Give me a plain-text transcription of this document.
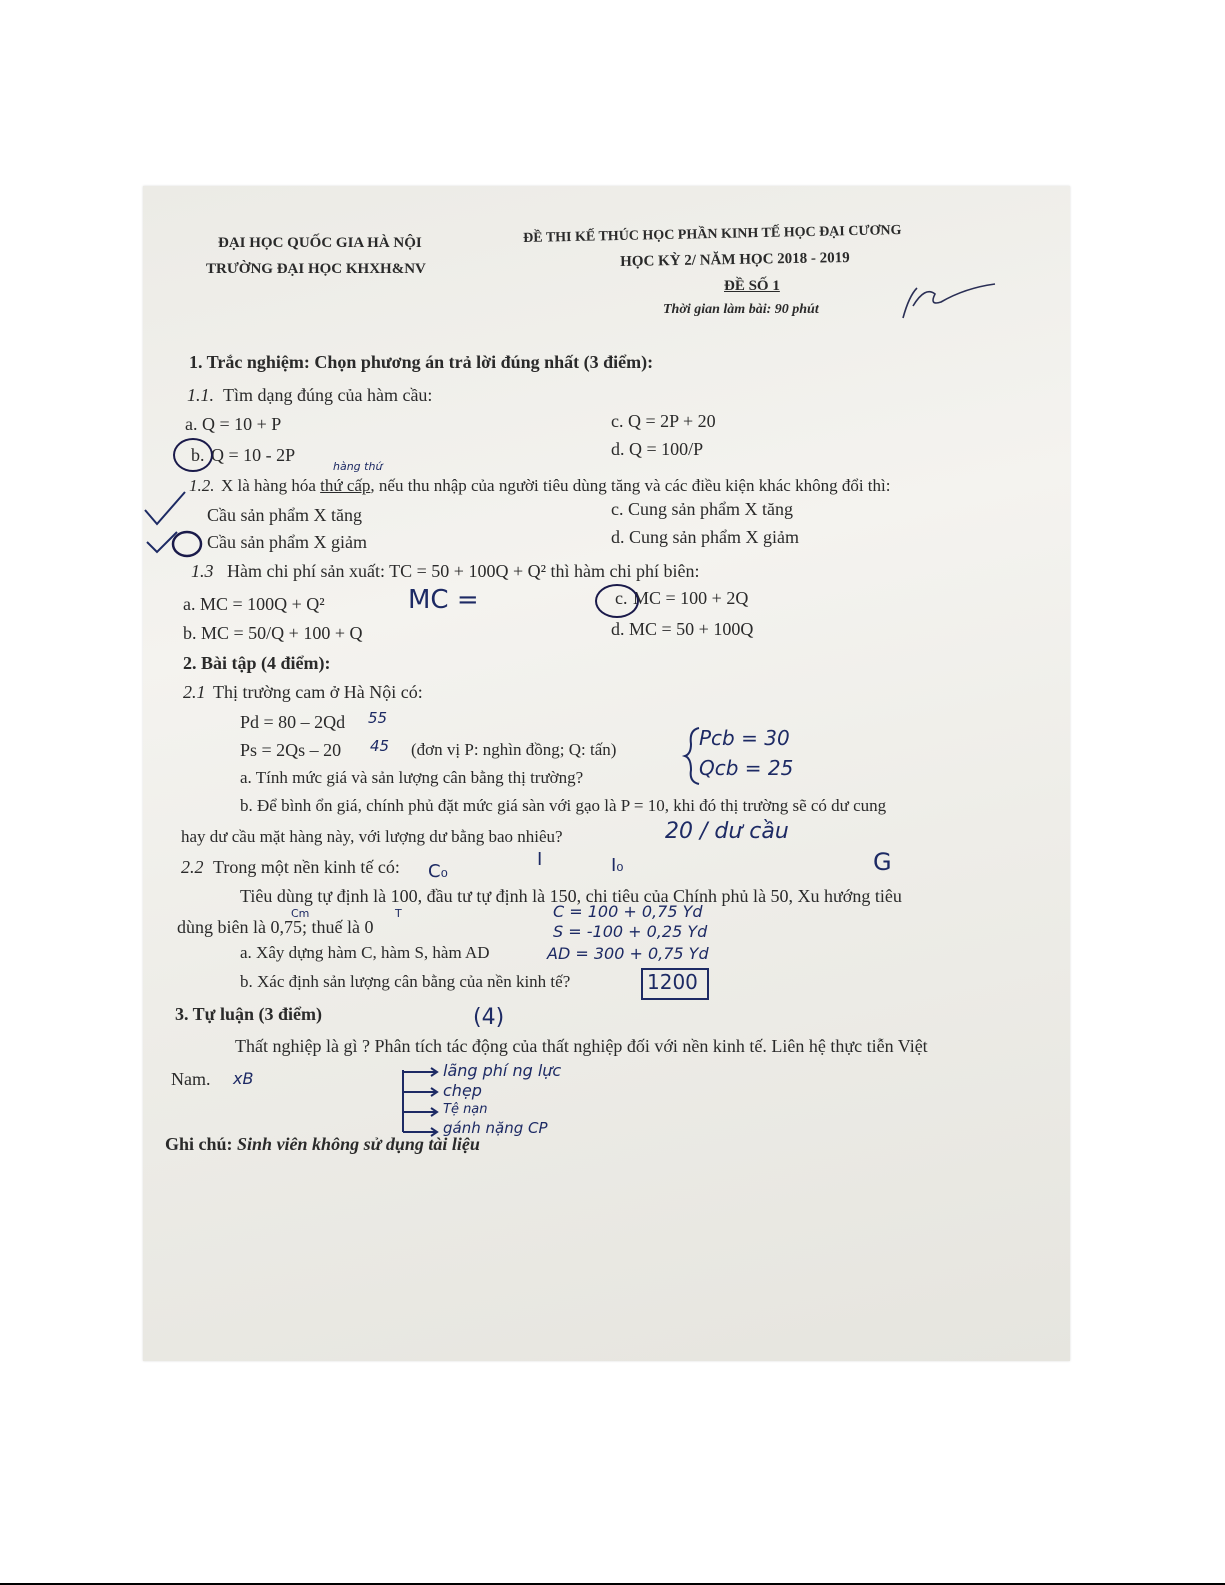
ĐẠI HỌC QUỐC GIA HÀ NỘI
TRƯỜNG ĐẠI HỌC KHXH&NV
ĐỀ THI KẾ THÚC HỌC PHẦN KINH TẾ HỌC ĐẠI CƯƠNG
HỌC KỲ 2/ NĂM HỌC 2018 - 2019
ĐỀ SỐ 1
Thời gian làm bài: 90 phút
1. Trắc nghiệm: Chọn phương án trả lời đúng nhất (3 điểm):
1.1. Tìm dạng đúng của hàm cầu:
a. Q = 10 + P
b. Q = 10 - 2P
c. Q = 2P + 20
d. Q = 100/P
hàng thứ
1.2. X là hàng hóa thứ cấp, nếu thu nhập của người tiêu dùng tăng và các điều kiện khác không đổi thì:
Cầu sản phẩm X tăng
Cầu sản phẩm X giảm
c. Cung sản phẩm X tăng
d. Cung sản phẩm X giảm
1.3 Hàm chi phí sản xuất: TC = 50 + 100Q + Q² thì hàm chi phí biên:
a. MC = 100Q + Q²	MC =
b. MC = 50/Q + 100 + Q
c. MC = 100 + 2Q
d. MC = 50 + 100Q
2. Bài tập (4 điểm):
2.1 Thị trường cam ở Hà Nội có:
Pd = 80 – 2Qd 55
Ps = 2Qs – 20 45 (đơn vị P: nghìn đồng; Q: tấn)	Pcb = 30
Qcb = 25
a. Tính mức giá và sản lượng cân bằng thị trường?
b. Để bình ổn giá, chính phủ đặt mức giá sàn với gạo là P = 10, khi đó thị trường sẽ có dư cung
hay dư cầu mặt hàng này, với lượng dư bằng bao nhiêu?	20 / dư cầu
2.2 Trong một nền kinh tế có: C₀
I	I₀	G
Tiêu dùng tự định là 100, đầu tư tự định là 150, chi tiêu của Chính phủ là 50, Xu hướng tiêu
Cm	T
dùng biên là 0,75; thuế là 0
C = 100 + 0,75 Yd
S = -100 + 0,25 Yd
a. Xây dựng hàm C, hàm S, hàm AD	AD = 300 + 0,75 Yd
b. Xác định sản lượng cân bằng của nền kinh tế?	1200
3. Tự luận (3 điểm)	(4)
Thất nghiệp là gì ? Phân tích tác động của thất nghiệp đối với nền kinh tế. Liên hệ thực tiễn Việt
Nam. xB	lãng phí ng lực
chẹp
Tệ nạn
gánh nặng CP
Ghi chú: Sinh viên không sử dụng tài liệu
